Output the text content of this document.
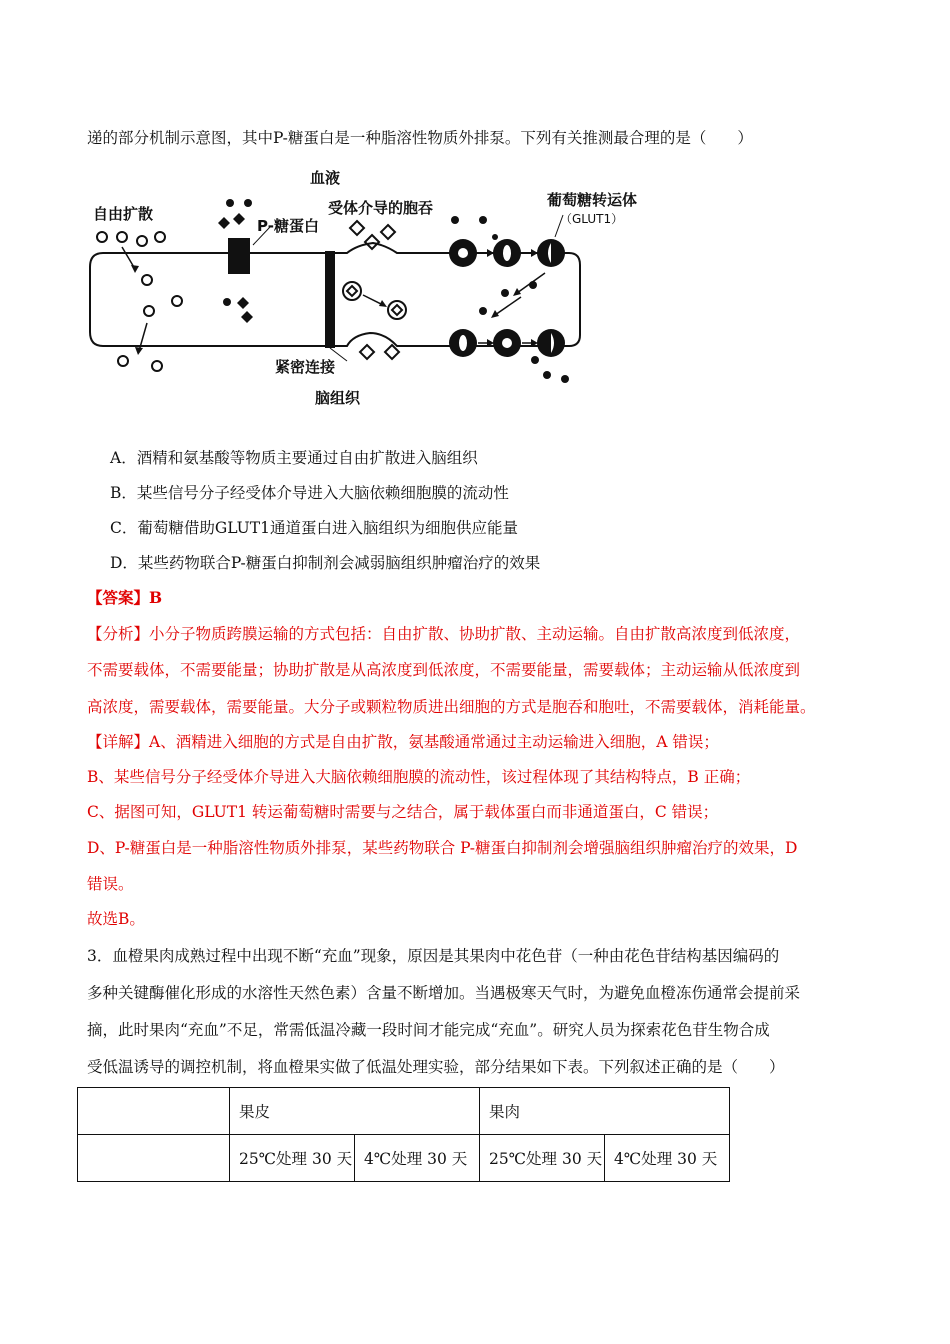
递的部分机制示意图，其中P-糖蛋白是一种脂溶性物质外排泵。下列有关推测最合理的是（　　）
血液
自由扩散
P-糖蛋白
受体介导的胞吞	葡萄糖转运体
（GLUT1）
紧密连接
脑组织
A．酒精和氨基酸等物质主要通过自由扩散进入脑组织
B．某些信号分子经受体介导进入大脑依赖细胞膜的流动性
C．葡萄糖借助GLUT1通道蛋白进入脑组织为细胞供应能量
D．某些药物联合P-糖蛋白抑制剂会减弱脑组织肿瘤治疗的效果
【答案】B
【分析】小分子物质跨膜运输的方式包括：自由扩散、协助扩散、主动运输。自由扩散高浓度到低浓度，
不需要载体，不需要能量；协助扩散是从高浓度到低浓度，不需要能量，需要载体；主动运输从低浓度到
高浓度，需要载体，需要能量。大分子或颗粒物质进出细胞的方式是胞吞和胞吐，不需要载体，消耗能量。
【详解】A、酒精进入细胞的方式是自由扩散，氨基酸通常通过主动运输进入细胞，A 错误；
B、某些信号分子经受体介导进入大脑依赖细胞膜的流动性，该过程体现了其结构特点，B 正确；
C、据图可知，GLUT1 转运葡萄糖时需要与之结合，属于载体蛋白而非通道蛋白，C 错误；
D、P-糖蛋白是一种脂溶性物质外排泵，某些药物联合 P-糖蛋白抑制剂会增强脑组织肿瘤治疗的效果，D
错误。
故选B。
3．血橙果肉成熟过程中出现不断“充血”现象，原因是其果肉中花色苷（一种由花色苷结构基因编码的
多种关键酶催化形成的水溶性天然色素）含量不断增加。当遇极寒天气时，为避免血橙冻伤通常会提前采
摘，此时果肉“充血”不足，常需低温冷藏一段时间才能完成“充血”。研究人员为探索花色苷生物合成
受低温诱导的调控机制，将血橙果实做了低温处理实验，部分结果如下表。下列叙述正确的是（　　）
	果皮		果肉	
	25℃处理 30 天	4℃处理 30 天	25℃处理 30 天	4℃处理 30 天
